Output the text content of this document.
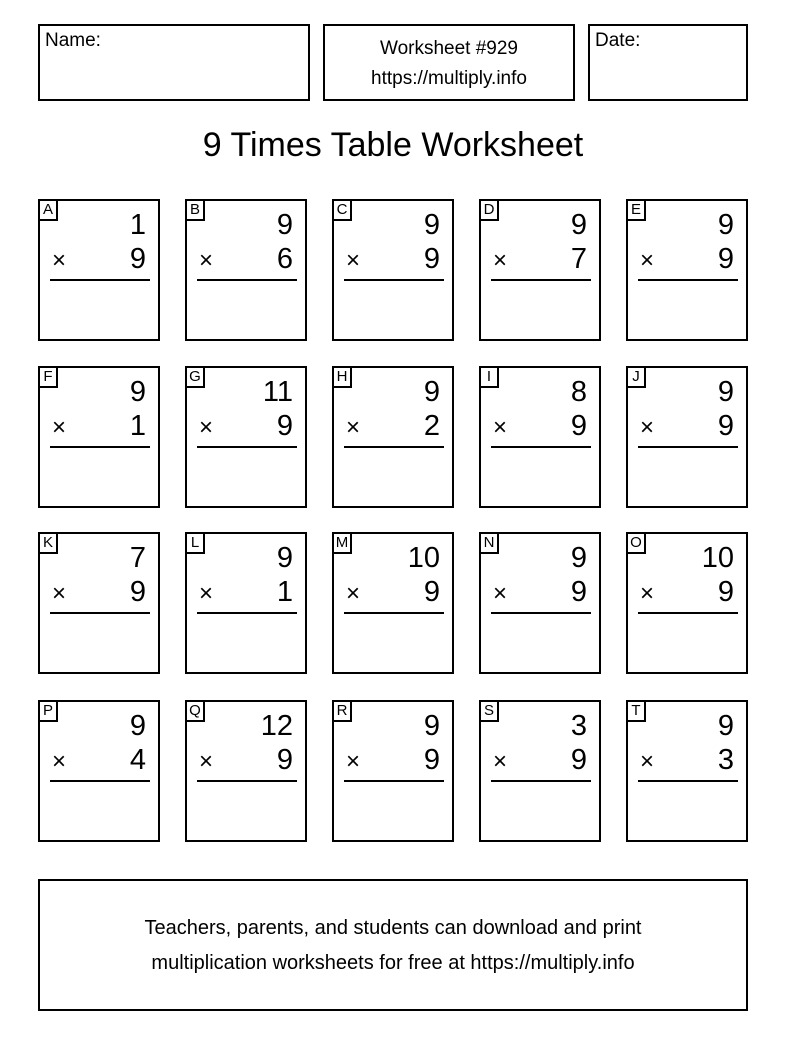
Name:	Worksheet #929
https://multiply.info
Date:
9 Times Table Worksheet
A	1
× 9
B	9
× 6
C	9
× 9
D	9
× 7
E	9
× 9
F	9
× 1
G 11
× 9
H	9
× 2
I	8
× 9
J	9
× 9
K	7
× 9
L	9
× 1
M 10
× 9
N	9
× 9
O 10
× 9
P	9
× 4
Q 12
× 9
R	9
× 9
S	3
× 9
T	9
× 3
Teachers, parents, and students can download and print
multiplication worksheets for free at https://multiply.info
